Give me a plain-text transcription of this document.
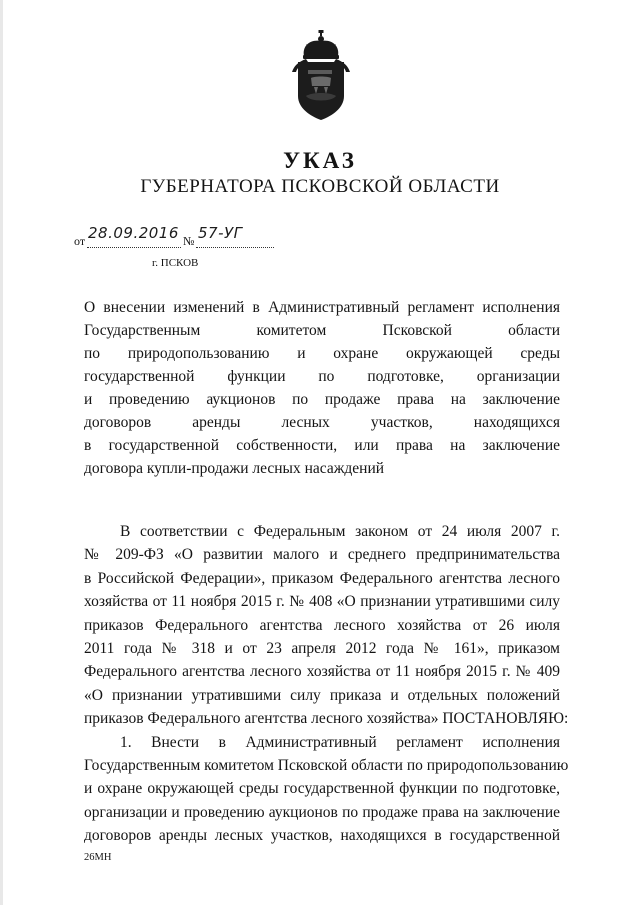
УКАЗ
ГУБЕРНАТОРА ПСКОВСКОЙ ОБЛАСТИ
от 28.09.2016 № 57-УГ
г. ПСКОВ
О внесении изменений в Административный регламент исполнения
Государственным комитетом Псковской области
по природопользованию и охране окружающей среды
государственной функции по подготовке, организации
и проведению аукционов по продаже права на заключение
договоров аренды лесных участков, находящихся
в государственной собственности, или права на заключение
договора купли-продажи лесных насаждений
В соответствии с Федеральным законом от 24 июля 2007 г.
№ 209-ФЗ «О развитии малого и среднего предпринимательства
в Российской Федерации», приказом Федерального агентства лесного
хозяйства от 11 ноября 2015 г. № 408 «О признании утратившими силу
приказов Федерального агентства лесного хозяйства от 26 июля
2011 года № 318 и от 23 апреля 2012 года № 161», приказом
Федерального агентства лесного хозяйства от 11 ноября 2015 г. № 409
«О признании утратившими силу приказа и отдельных положений
приказов Федерального агентства лесного хозяйства» ПОСТАНОВЛЯЮ:
1. Внести в Административный регламент исполнения
Государственным комитетом Псковской области по природопользованию
и охране окружающей среды государственной функции по подготовке,
организации и проведению аукционов по продаже права на заключение
договоров аренды лесных участков, находящихся в государственной
26МН
